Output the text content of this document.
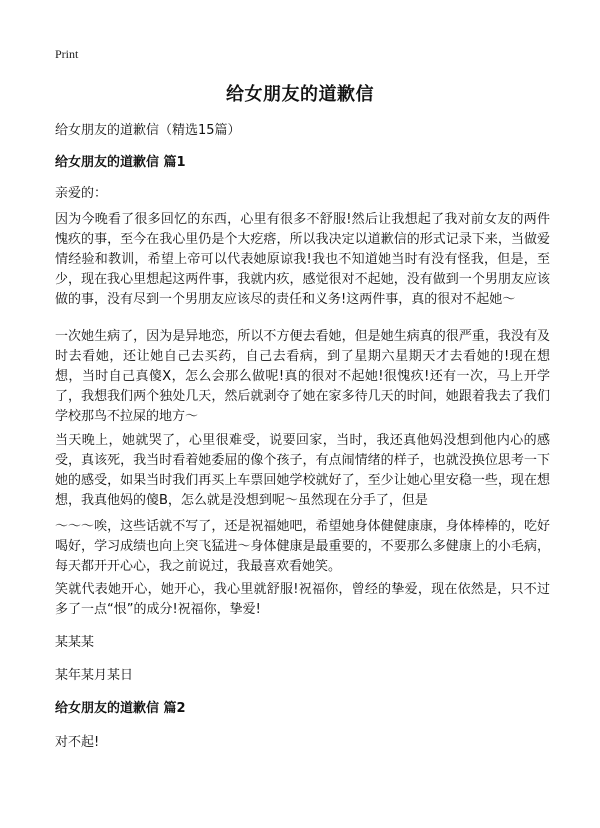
Print
给女朋友的道歉信

给女朋友的道歉信（精选15篇）

给女朋友的道歉信 篇1

亲爱的：

因为今晚看了很多回忆的东西，心里有很多不舒服!然后让我想起了我对前女友的两件愧疚的事，至今在我心里仍是个大疙瘩，所以我决定以道歉信的形式记录下来，当做爱情经验和教训，希望上帝可以代表她原谅我!我也不知道她当时有没有怪我，但是，至少，现在我心里想起这两件事，我就内疚，感觉很对不起她，没有做到一个男朋友应该做的事，没有尽到一个男朋友应该尽的责任和义务!这两件事，真的很对不起她～

一次她生病了，因为是异地恋，所以不方便去看她，但是她生病真的很严重，我没有及时去看她，还让她自己去买药，自己去看病，到了星期六星期天才去看她的!现在想想，当时自己真傻X，怎么会那么做呢!真的很对不起她!很愧疚!还有一次，马上开学了，我想我们两个独处几天，然后就剥夺了她在家多待几天的时间，她跟着我去了我们学校那鸟不拉屎的地方～

当天晚上，她就哭了，心里很难受，说要回家，当时，我还真他妈没想到他内心的感受，真该死，我当时看着她委屈的像个孩子，有点闹情绪的样子，也就没换位思考一下她的感受，如果当时我们再买上车票回她学校就好了，至少让她心里安稳一些，现在想想，我真他妈的傻B，怎么就是没想到呢～虽然现在分手了，但是

～～～唉，这些话就不写了，还是祝福她吧，希望她身体健健康康，身体棒棒的，吃好喝好，学习成绩也向上突飞猛进～身体健康是最重要的，不要那么多健康上的小毛病，每天都开开心心，我之前说过，我最喜欢看她笑。

笑就代表她开心，她开心，我心里就舒服!祝福你，曾经的挚爱，现在依然是，只不过多了一点“恨”的成分!祝福你，挚爱!

某某某

某年某月某日

给女朋友的道歉信 篇2

对不起!
